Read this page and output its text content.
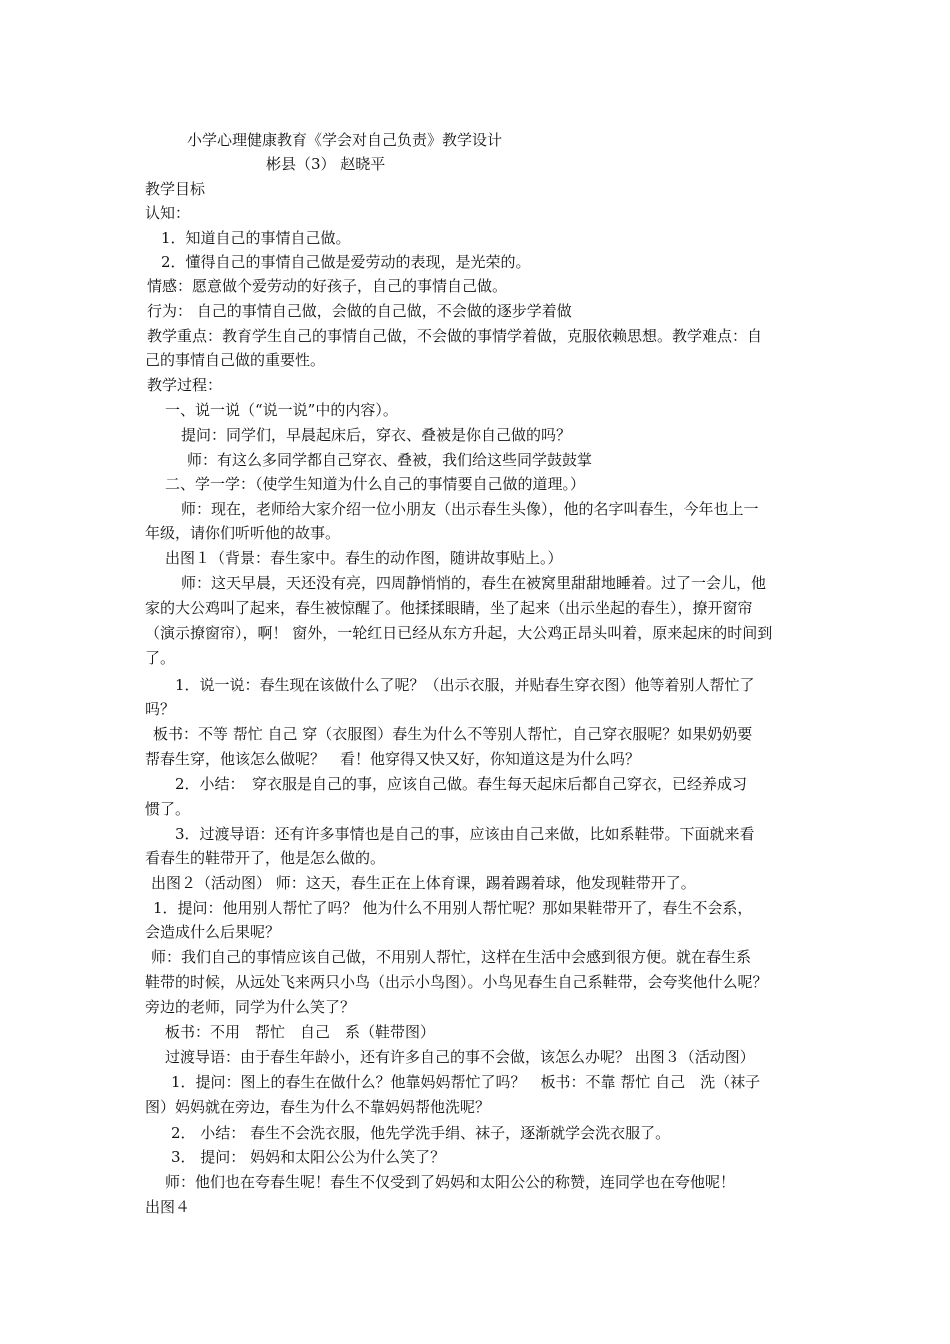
小学心理健康教育《学会对自己负责》教学设计
彬县（3） 赵晓平
教学目标
认知：
1．知道自己的事情自己做。
2．懂得自己的事情自己做是爱劳动的表现，是光荣的。
情感：愿意做个爱劳动的好孩子，自己的事情自己做。
行为： 自己的事情自己做，会做的自己做，不会做的逐步学着做
教学重点：教育学生自己的事情自己做，不会做的事情学着做，克服依赖思想。教学难点：自
己的事情自己做的重要性。
教学过程：
一、说一说（“说一说”中的内容）。
提问：同学们，早晨起床后，穿衣、叠被是你自己做的吗？
师：有这么多同学都自己穿衣、叠被，我们给这些同学鼓鼓掌
二、学一学：（使学生知道为什么自己的事情要自己做的道理。）
师：现在，老师给大家介绍一位小朋友（出示春生头像），他的名字叫春生，今年也上一
年级，请你们听听他的故事。
出图１（背景：春生家中。春生的动作图，随讲故事贴上。）
师：这天早晨，天还没有亮，四周静悄悄的，春生在被窝里甜甜地睡着。过了一会儿，他
家的大公鸡叫了起来，春生被惊醒了。他揉揉眼睛，坐了起来（出示坐起的春生），撩开窗帘
（演示撩窗帘），啊！ 窗外，一轮红日已经从东方升起，大公鸡正昂头叫着，原来起床的时间到
了。
1．说一说：春生现在该做什么了呢？（出示衣服，并贴春生穿衣图）他等着别人帮忙了
吗？
板书：不等 帮忙 自己 穿（衣服图）春生为什么不等别人帮忙，自己穿衣服呢？如果奶奶要
帮春生穿，他该怎么做呢？　看！他穿得又快又好，你知道这是为什么吗？
2．小结：　穿衣服是自己的事，应该自己做。春生每天起床后都自己穿衣，已经养成习
惯了。
3．过渡导语：还有许多事情也是自己的事，应该由自己来做，比如系鞋带。下面就来看
看春生的鞋带开了，他是怎么做的。
出图２（活动图） 师：这天，春生正在上体育课，踢着踢着球，他发现鞋带开了。
1．提问：他用别人帮忙了吗？ 他为什么不用别人帮忙呢？那如果鞋带开了，春生不会系，
会造成什么后果呢？
师：我们自己的事情应该自己做，不用别人帮忙，这样在生活中会感到很方便。就在春生系
鞋带的时候，从远处飞来两只小鸟（出示小鸟图）。小鸟见春生自己系鞋带，会夸奖他什么呢？
旁边的老师，同学为什么笑了？
板书：不用　帮忙　自己　系（鞋带图）
过渡导语：由于春生年龄小，还有许多自己的事不会做，该怎么办呢？ 出图３（活动图）
1．提问：图上的春生在做什么？他靠妈妈帮忙了吗？　板书：不靠 帮忙 自己　洗（袜子
图）妈妈就在旁边，春生为什么不靠妈妈帮他洗呢？
2． 小结： 春生不会洗衣服，他先学洗手绢、袜子，逐渐就学会洗衣服了。
3． 提问： 妈妈和太阳公公为什么笑了？
师：他们也在夸春生呢！春生不仅受到了妈妈和太阳公公的称赞，连同学也在夸他呢！
出图４
